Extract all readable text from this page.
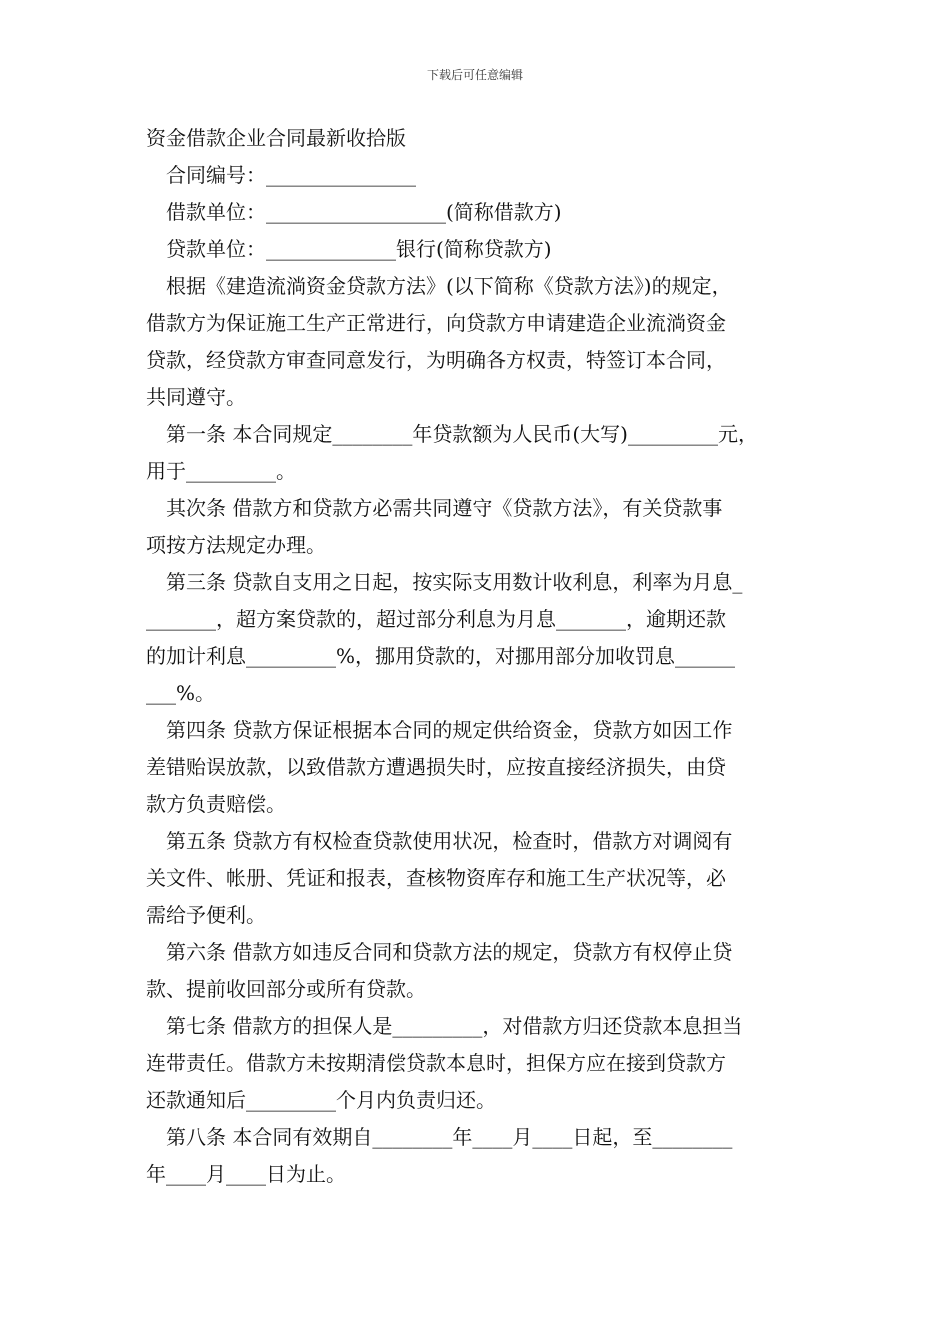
下载后可任意编辑
资金借款企业合同最新收拾版
合同编号：_______________
借款单位：__________________(简称借款方)
贷款单位：_____________银行(简称贷款方)
根据《建造流淌资金贷款方法》(以下简称《贷款方法》)的规定，
借款方为保证施工生产正常进行，向贷款方申请建造企业流淌资金
贷款，经贷款方审查同意发行，为明确各方权责，特签订本合同，
共同遵守。
第一条 本合同规定________年贷款额为人民币(大写)_________元，
用于_________。
其次条 借款方和贷款方必需共同遵守《贷款方法》，有关贷款事
项按方法规定办理。
第三条 贷款自支用之日起，按实际支用数计收利息，利率为月息_
_______，超方案贷款的，超过部分利息为月息_______，逾期还款
的加计利息_________%，挪用贷款的，对挪用部分加收罚息______
___%。
第四条 贷款方保证根据本合同的规定供给资金，贷款方如因工作
差错贻误放款，以致借款方遭遇损失时，应按直接经济损失，由贷
款方负责赔偿。
第五条 贷款方有权检查贷款使用状况，检查时，借款方对调阅有
关文件、帐册、凭证和报表，查核物资库存和施工生产状况等，必
需给予便利。
第六条 借款方如违反合同和贷款方法的规定，贷款方有权停止贷
款、提前收回部分或所有贷款。
第七条 借款方的担保人是_________，对借款方归还贷款本息担当
连带责任。借款方未按期清偿贷款本息时，担保方应在接到贷款方
还款通知后_________个月内负责归还。
第八条 本合同有效期自________年____月____日起，至________
年____月____日为止。
